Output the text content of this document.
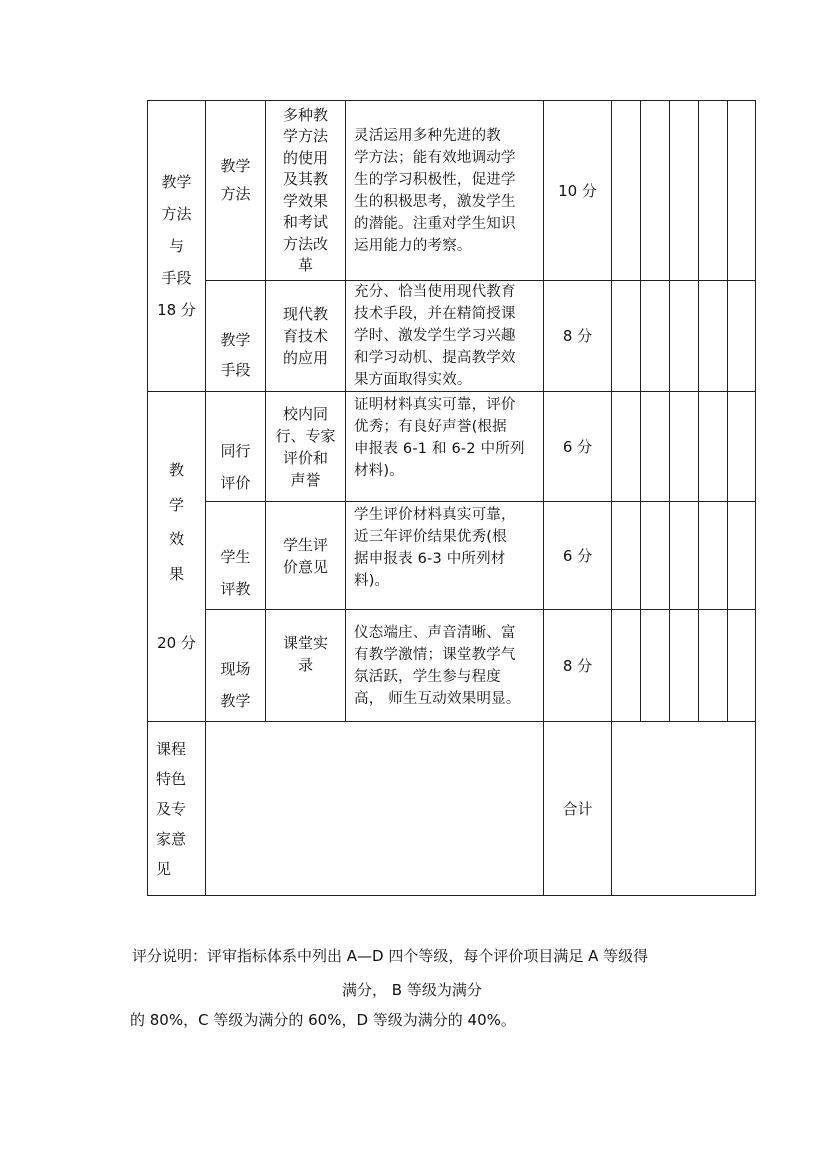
教学
方法
与
手段
18 分
教学
方法
多种教
学方法
的使用
及其教
学效果
和考试
方法改
革
灵活运用多种先进的教
学方法；能有效地调动学
生的学习积极性，促进学
生的积极思考，激发学生
的潜能。注重对学生知识
运用能力的考察。
10 分
教学
手段
现代教
育技术
的应用
充分、恰当使用现代教育
技术手段，并在精简授课
学时、激发学生学习兴趣
和学习动机、提高教学效
果方面取得实效。
8 分
教
学
效
果

20 分
同行
评价
校内同
行、专家
评价和
声誉
证明材料真实可靠，评价
优秀；有良好声誉(根据
申报表 6-1 和 6-2 中所列
材料)。
6 分
学生
评教
学生评
价意见
学生评价材料真实可靠，
近三年评价结果优秀(根
据申报表 6-3 中所列材
料)。
6 分
现场
教学
课堂实
录
仪态端庄、声音清晰、富
有教学激情；课堂教学气
氛活跃，学生参与程度
高， 师生互动效果明显。
8 分
课程
特色
及专
家意
见
合计
评分说明：评审指标体系中列出 A—D 四个等级，每个评价项目满足 A 等级得
满分， B 等级为满分
的 80%，C 等级为满分的 60%，D 等级为满分的 40%。
